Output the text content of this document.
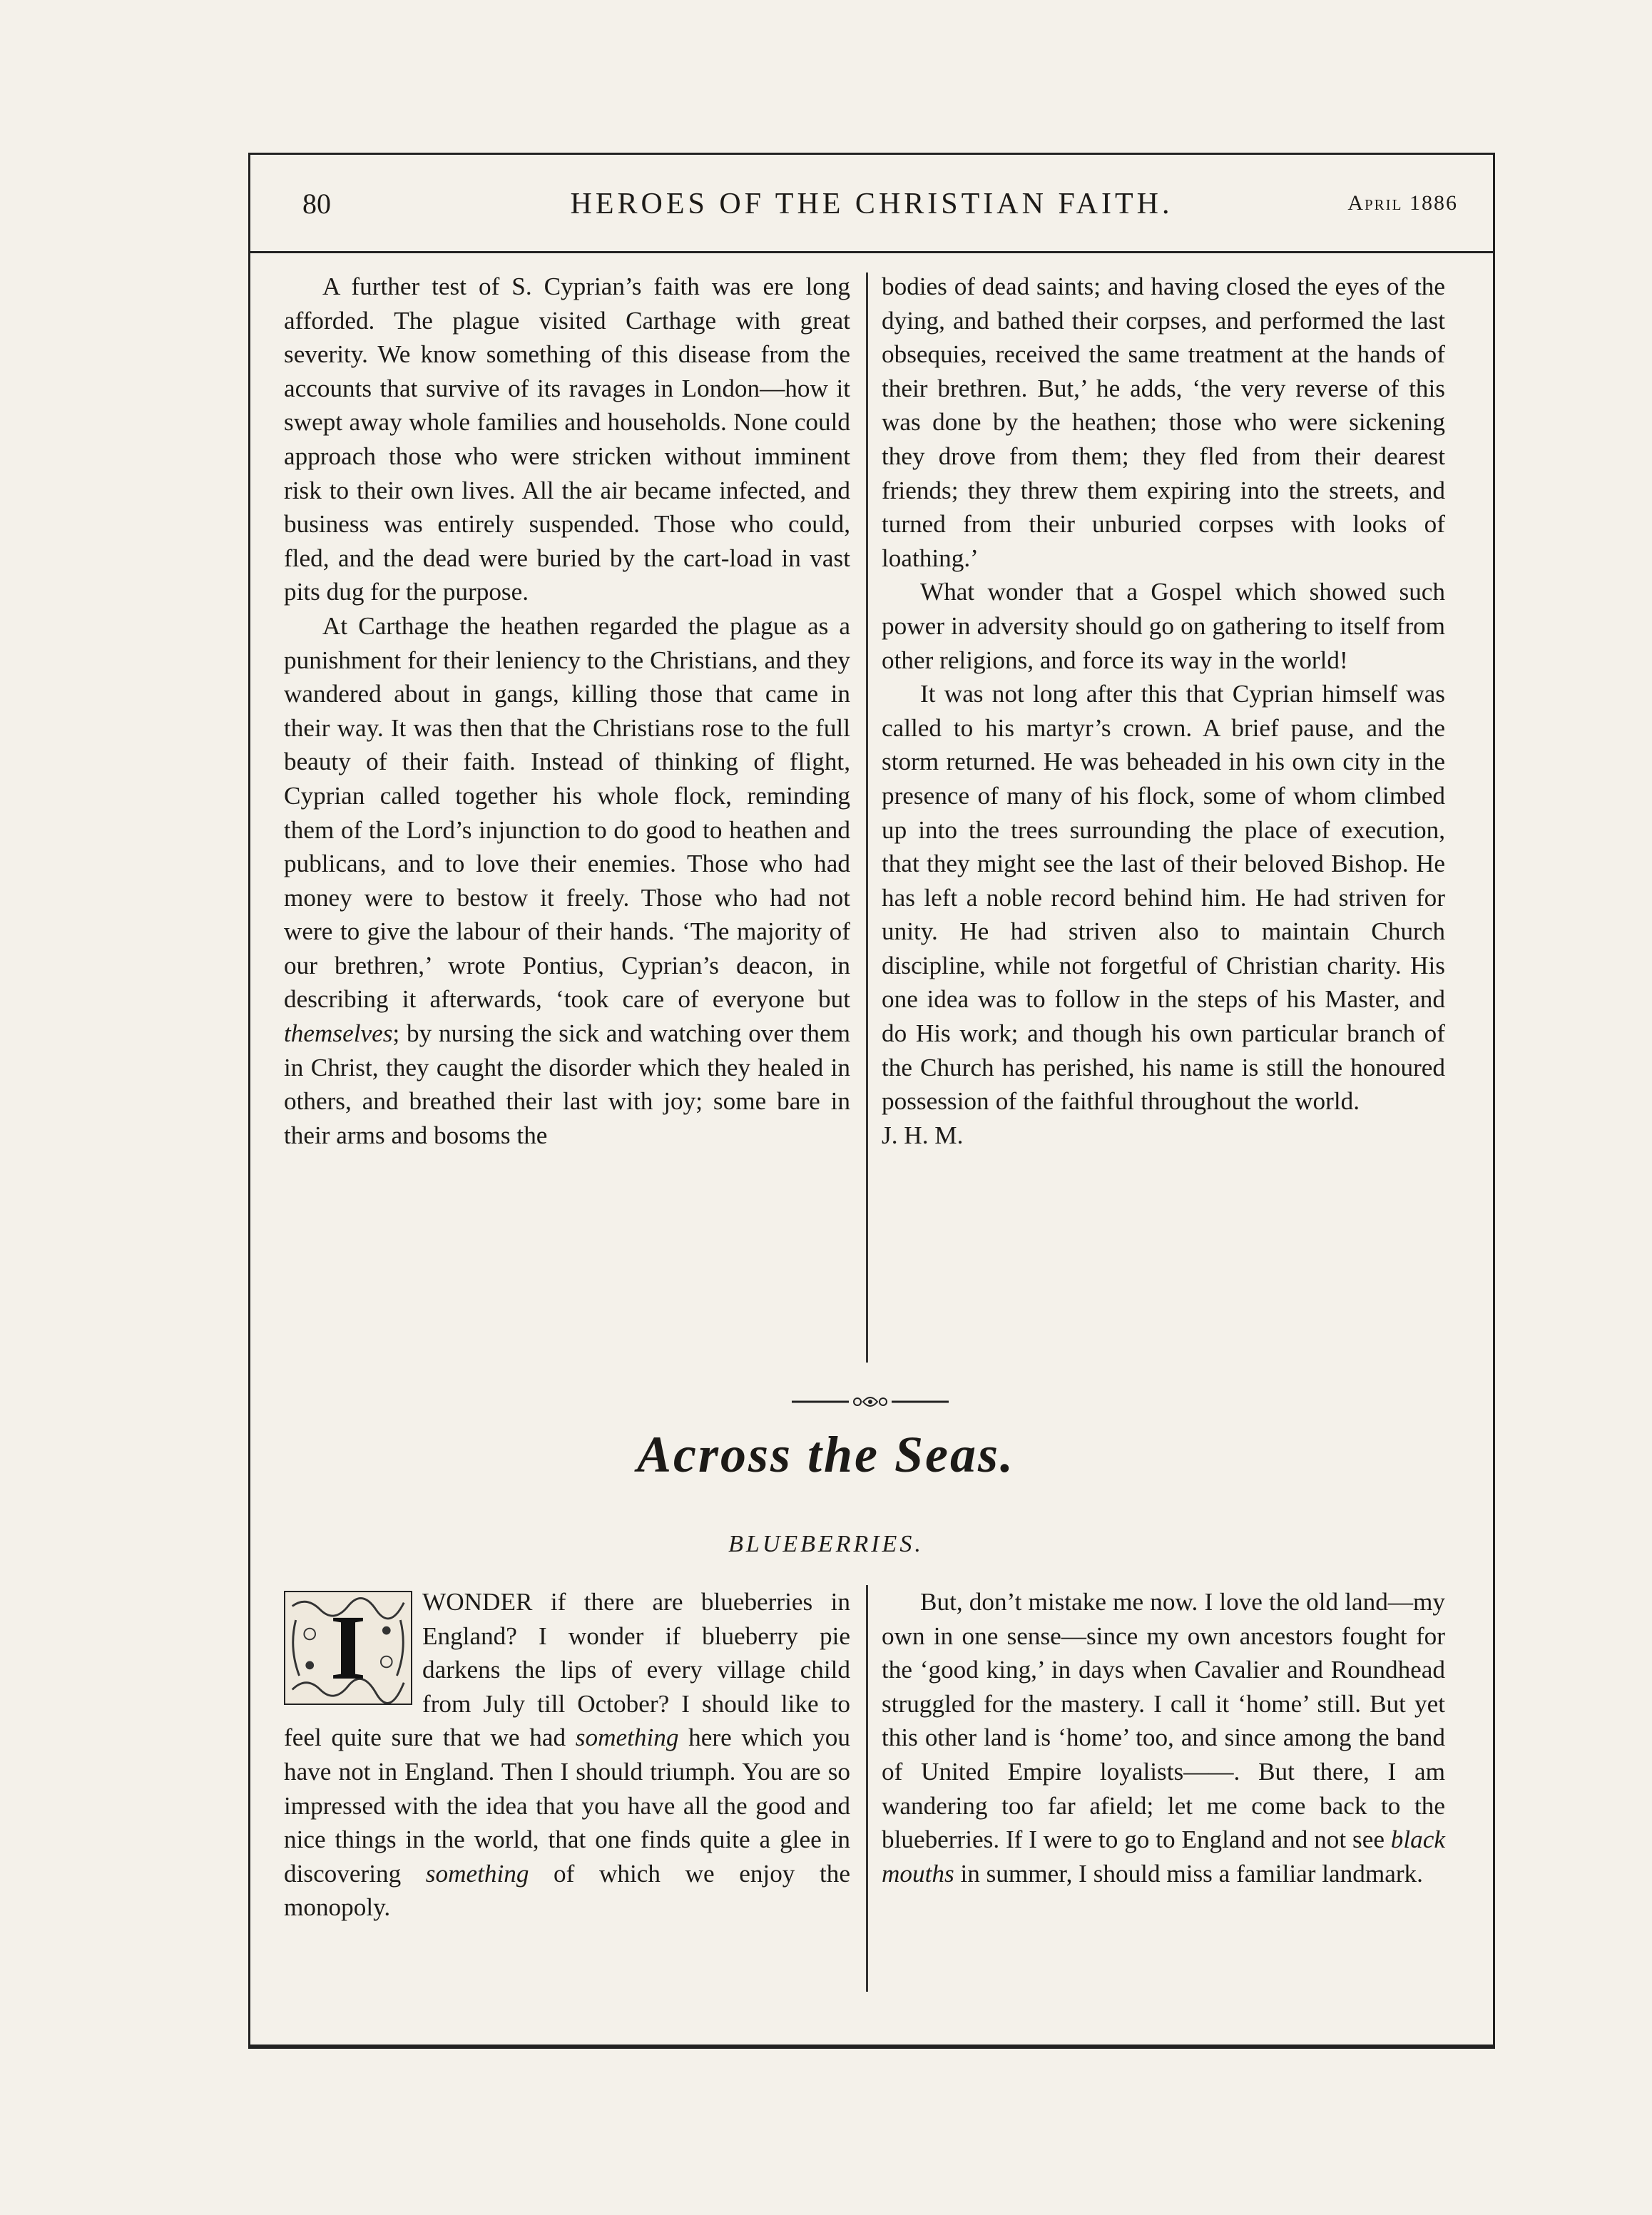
80	HEROES OF THE CHRISTIAN FAITH.	April 1886

A further test of S. Cyprian’s faith was ere long afforded. The plague visited Carthage with great severity. We know something of this disease from the accounts that survive of its ravages in London—how it swept away whole families and households. None could approach those who were stricken without imminent risk to their own lives. All the air became infected, and business was entirely suspended. Those who could, fled, and the dead were buried by the cart-load in vast pits dug for the purpose.

At Carthage the heathen regarded the plague as a punishment for their leniency to the Christians, and they wandered about in gangs, killing those that came in their way. It was then that the Christians rose to the full beauty of their faith. Instead of thinking of flight, Cyprian called together his whole flock, reminding them of the Lord’s injunction to do good to heathen and publicans, and to love their enemies. Those who had money were to bestow it freely. Those who had not were to give the labour of their hands. ‘The majority of our brethren,’ wrote Pontius, Cyprian’s deacon, in describing it afterwards, ‘took care of everyone but themselves; by nursing the sick and watching over them in Christ, they caught the disorder which they healed in others, and breathed their last with joy; some bare in their arms and bosoms the

bodies of dead saints; and having closed the eyes of the dying, and bathed their corpses, and performed the last obsequies, received the same treatment at the hands of their brethren. But,’ he adds, ‘the very reverse of this was done by the heathen; those who were sickening they drove from them; they fled from their dearest friends; they threw them expiring into the streets, and turned from their unburied corpses with looks of loathing.’

What wonder that a Gospel which showed such power in adversity should go on gathering to itself from other religions, and force its way in the world!

It was not long after this that Cyprian himself was called to his martyr’s crown. A brief pause, and the storm returned. He was beheaded in his own city in the presence of many of his flock, some of whom climbed up into the trees surrounding the place of execution, that they might see the last of their beloved Bishop. He has left a noble record behind him. He had striven for unity. He had striven also to maintain Church discipline, while not forgetful of Christian charity. His one idea was to follow in the steps of his Master, and do His work; and though his own particular branch of the Church has perished, his name is still the honoured possession of the faithful throughout the world.J. H. M.

Across the Seas.
BLUEBERRIES.

I	WONDER if there are blueberries in England? I wonder if blueberry pie darkens the lips of every village child from July till October? I should like to feel quite sure that we had something here which you have not in England. Then I should triumph. You are so impressed with the idea that you have all the good and nice things in the world, that one finds quite a glee in discovering something of which we enjoy the monopoly.

But, don’t mistake me now. I love the old land—my own in one sense—since my own ancestors fought for the ‘good king,’ in days when Cavalier and Roundhead struggled for the mastery. I call it ‘home’ still. But yet this other land is ‘home’ too, and since among the band of United Empire loyalists——. But there, I am wandering too far afield; let me come back to the blueberries. If I were to go to England and not see black mouths in summer, I should miss a familiar landmark.
